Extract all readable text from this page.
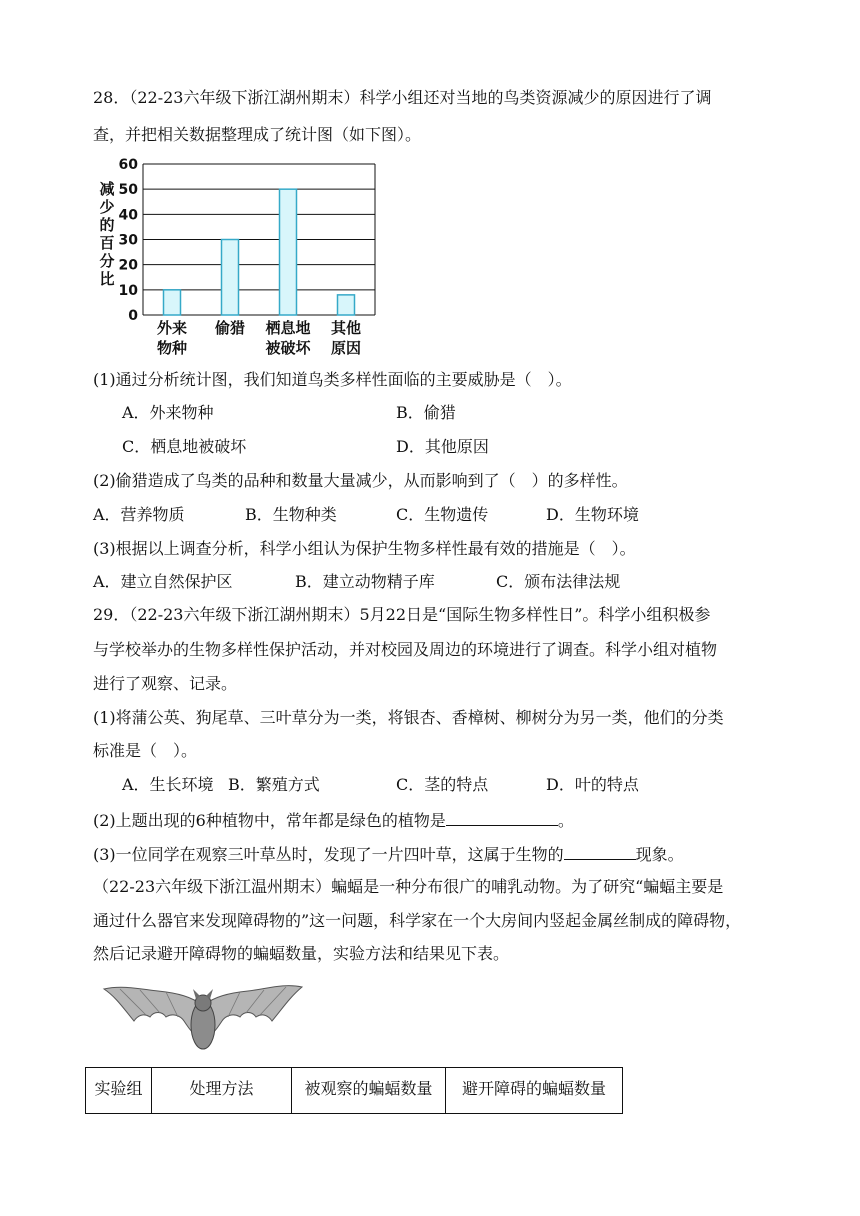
28．（22-23六年级下浙江湖州期末）科学小组还对当地的鸟类资源减少的原因进行了调
查，并把相关数据整理成了统计图（如下图）。
减
少
的
百
分
比
0
10
20
30
40
50
60
外来
物种
偷猎 栖息地
被破坏
其他
原因
(1)通过分析统计图，我们知道鸟类多样性面临的主要威胁是（　）。
A．外来物种	B．偷猎
C．栖息地被破坏	D．其他原因
(2)偷猎造成了鸟类的品种和数量大量减少，从而影响到了（　）的多样性。
A．营养物质	B．生物种类	C．生物遗传	D．生物环境
(3)根据以上调查分析，科学小组认为保护生物多样性最有效的措施是（　）。
A．建立自然保护区	B．建立动物精子库	C．颁布法律法规
29．（22-23六年级下浙江湖州期末）5月22日是“国际生物多样性日”。科学小组积极参
与学校举办的生物多样性保护活动，并对校园及周边的环境进行了调查。科学小组对植物
进行了观察、记录。
(1)将蒲公英、狗尾草、三叶草分为一类，将银杏、香樟树、柳树分为另一类，他们的分类
标准是（　）。
A．生长环境 B．繁殖方式	C．茎的特点	D．叶的特点
(2)上题出现的6种植物中，常年都是绿色的植物是	。
(3)一位同学在观察三叶草丛时，发现了一片四叶草，这属于生物的	现象。
（22-23六年级下浙江温州期末）蝙蝠是一种分布很广的哺乳动物。为了研究“蝙蝠主要是
通过什么器官来发现障碍物的”这一问题，科学家在一个大房间内竖起金属丝制成的障碍物，
然后记录避开障碍物的蝙蝠数量，实验方法和结果见下表。
实验组	处理方法	被观察的蝙蝠数量	避开障碍的蝙蝠数量
